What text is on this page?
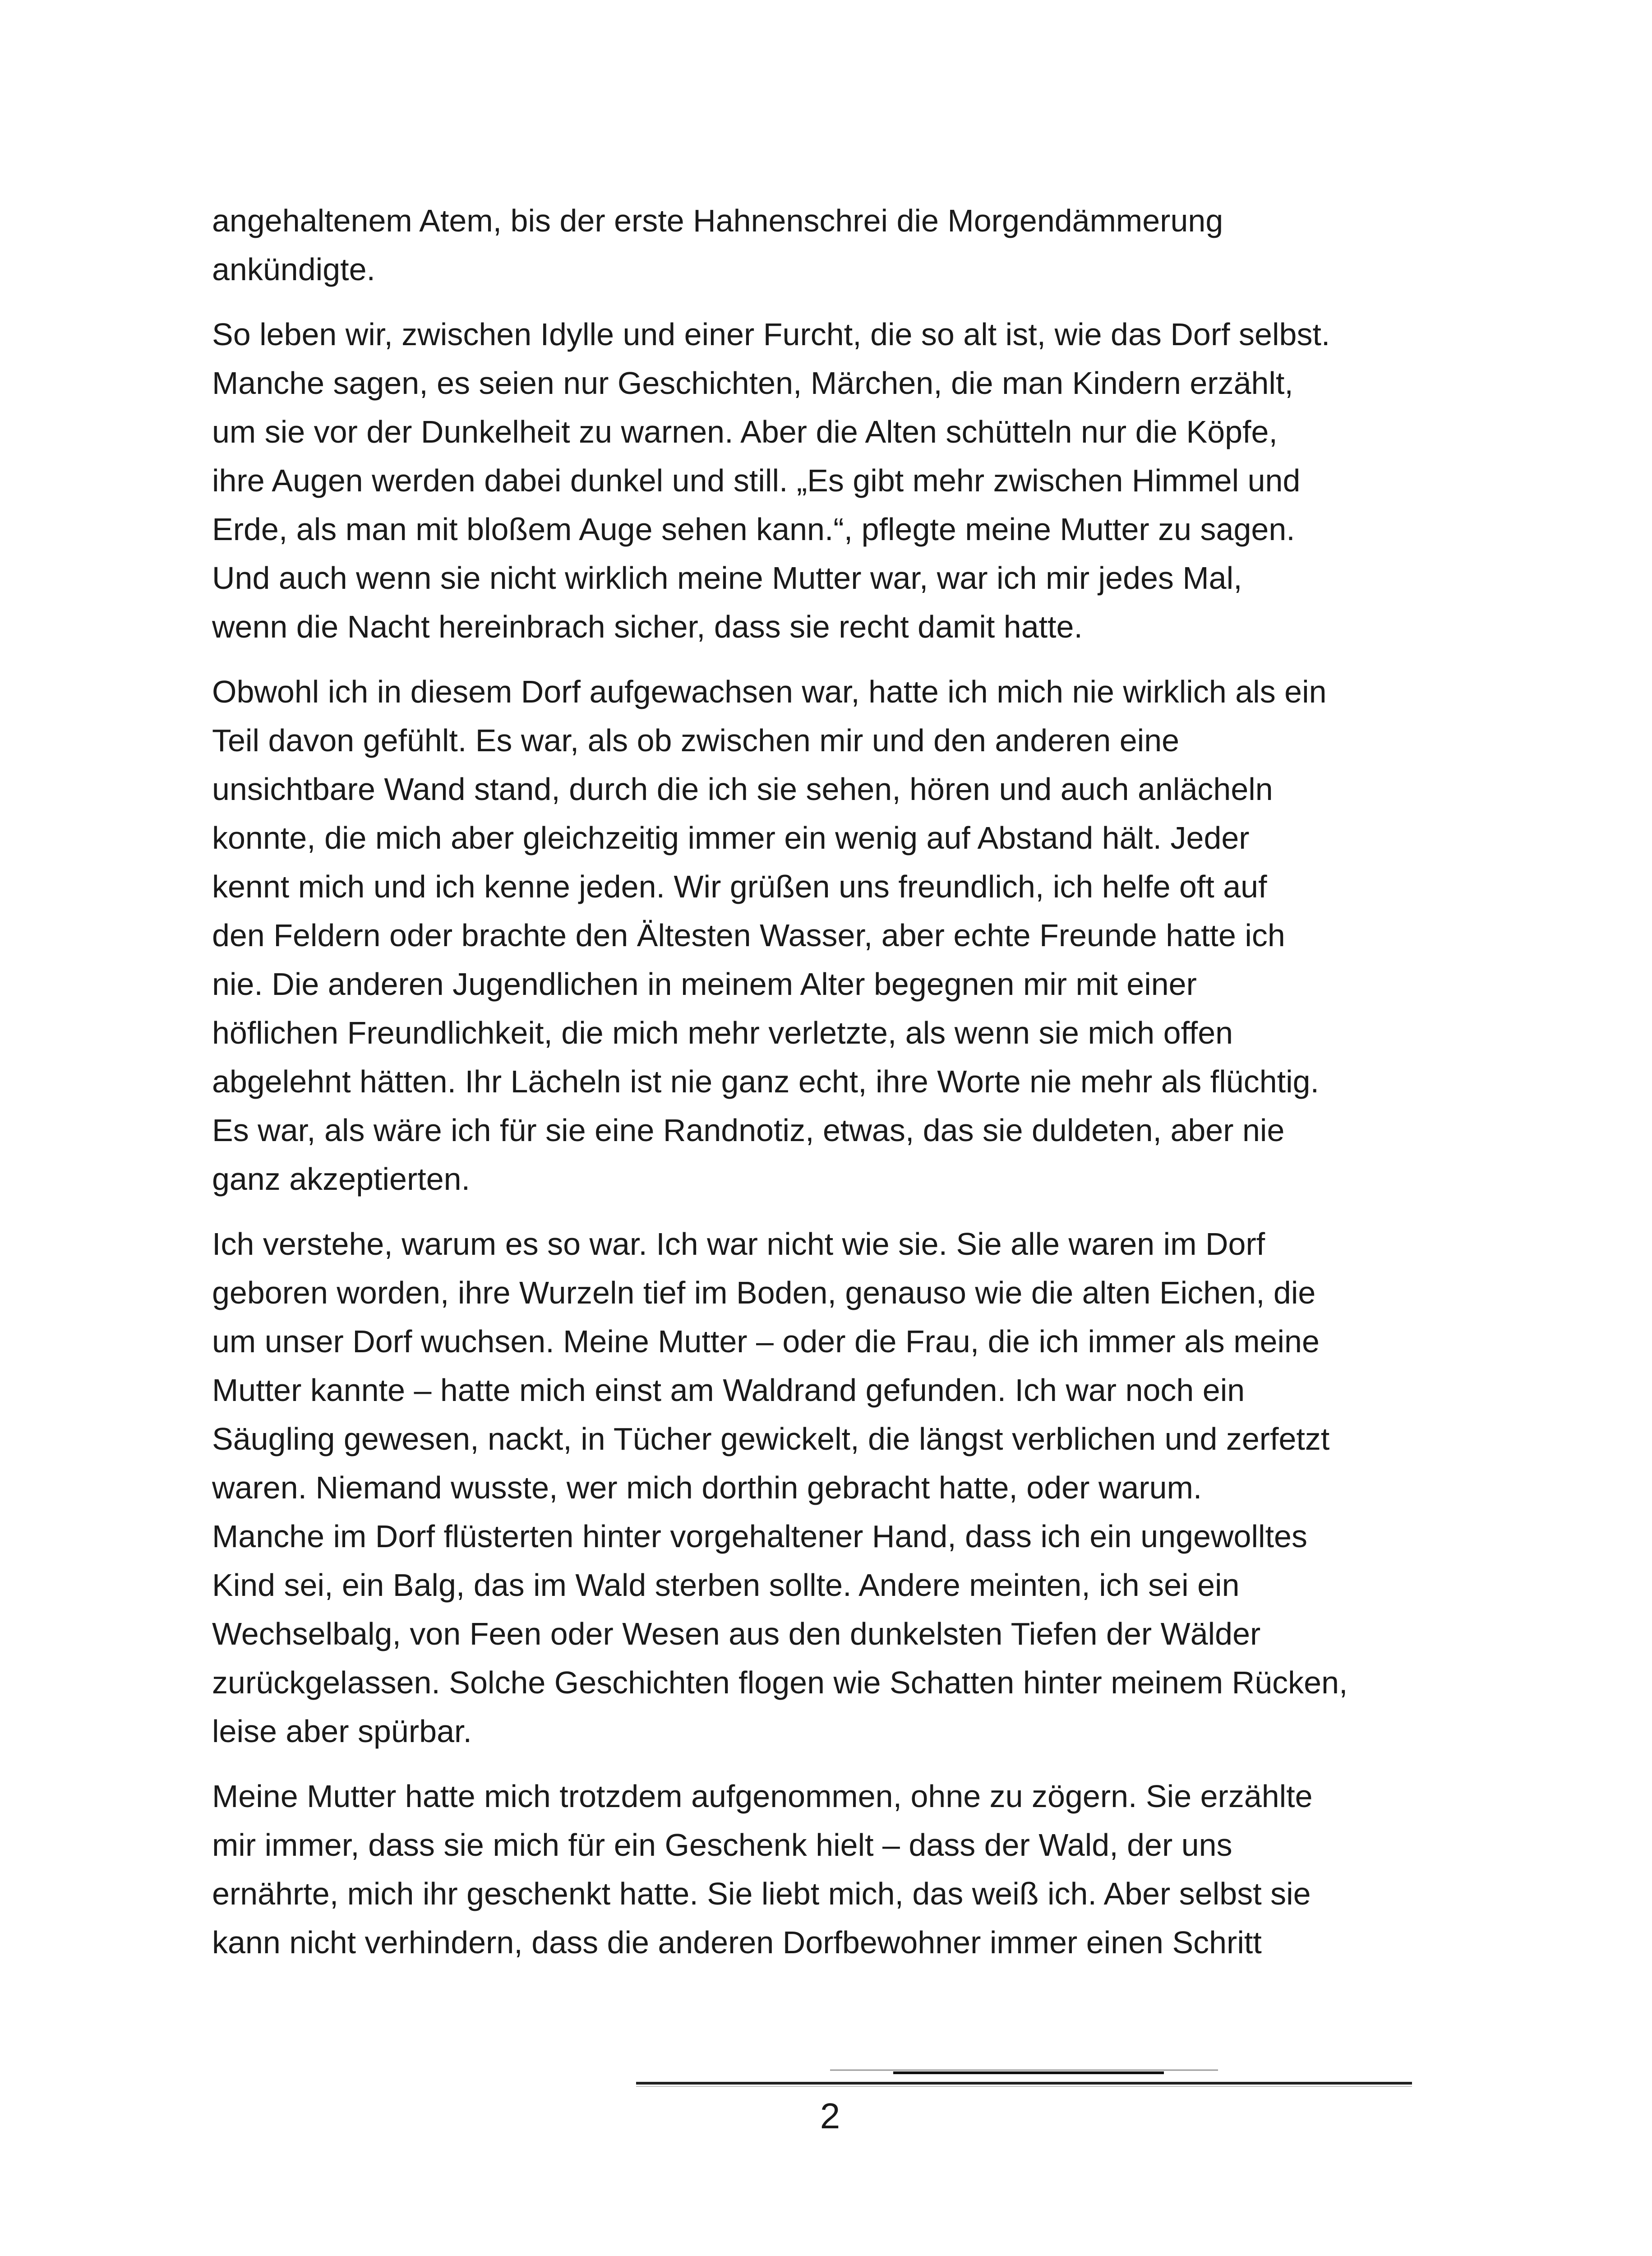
angehaltenem Atem, bis der erste Hahnenschrei die Morgendämmerung
ankündigte.

So leben wir, zwischen Idylle und einer Furcht, die so alt ist, wie das Dorf selbst.
Manche sagen, es seien nur Geschichten, Märchen, die man Kindern erzählt,
um sie vor der Dunkelheit zu warnen. Aber die Alten schütteln nur die Köpfe,
ihre Augen werden dabei dunkel und still. „Es gibt mehr zwischen Himmel und
Erde, als man mit bloßem Auge sehen kann.“, pflegte meine Mutter zu sagen.
Und auch wenn sie nicht wirklich meine Mutter war, war ich mir jedes Mal,
wenn die Nacht hereinbrach sicher, dass sie recht damit hatte.

Obwohl ich in diesem Dorf aufgewachsen war, hatte ich mich nie wirklich als ein
Teil davon gefühlt. Es war, als ob zwischen mir und den anderen eine
unsichtbare Wand stand, durch die ich sie sehen, hören und auch anlächeln
konnte, die mich aber gleichzeitig immer ein wenig auf Abstand hält. Jeder
kennt mich und ich kenne jeden. Wir grüßen uns freundlich, ich helfe oft auf
den Feldern oder brachte den Ältesten Wasser, aber echte Freunde hatte ich
nie. Die anderen Jugendlichen in meinem Alter begegnen mir mit einer
höflichen Freundlichkeit, die mich mehr verletzte, als wenn sie mich offen
abgelehnt hätten. Ihr Lächeln ist nie ganz echt, ihre Worte nie mehr als flüchtig.
Es war, als wäre ich für sie eine Randnotiz, etwas, das sie duldeten, aber nie
ganz akzeptierten.

Ich verstehe, warum es so war. Ich war nicht wie sie. Sie alle waren im Dorf
geboren worden, ihre Wurzeln tief im Boden, genauso wie die alten Eichen, die
um unser Dorf wuchsen. Meine Mutter – oder die Frau, die ich immer als meine
Mutter kannte – hatte mich einst am Waldrand gefunden. Ich war noch ein
Säugling gewesen, nackt, in Tücher gewickelt, die längst verblichen und zerfetzt
waren. Niemand wusste, wer mich dorthin gebracht hatte, oder warum.
Manche im Dorf flüsterten hinter vorgehaltener Hand, dass ich ein ungewolltes
Kind sei, ein Balg, das im Wald sterben sollte. Andere meinten, ich sei ein
Wechselbalg, von Feen oder Wesen aus den dunkelsten Tiefen der Wälder
zurückgelassen. Solche Geschichten flogen wie Schatten hinter meinem Rücken,
leise aber spürbar.

Meine Mutter hatte mich trotzdem aufgenommen, ohne zu zögern. Sie erzählte
mir immer, dass sie mich für ein Geschenk hielt – dass der Wald, der uns
ernährte, mich ihr geschenkt hatte. Sie liebt mich, das weiß ich. Aber selbst sie
kann nicht verhindern, dass die anderen Dorfbewohner immer einen Schritt

2
